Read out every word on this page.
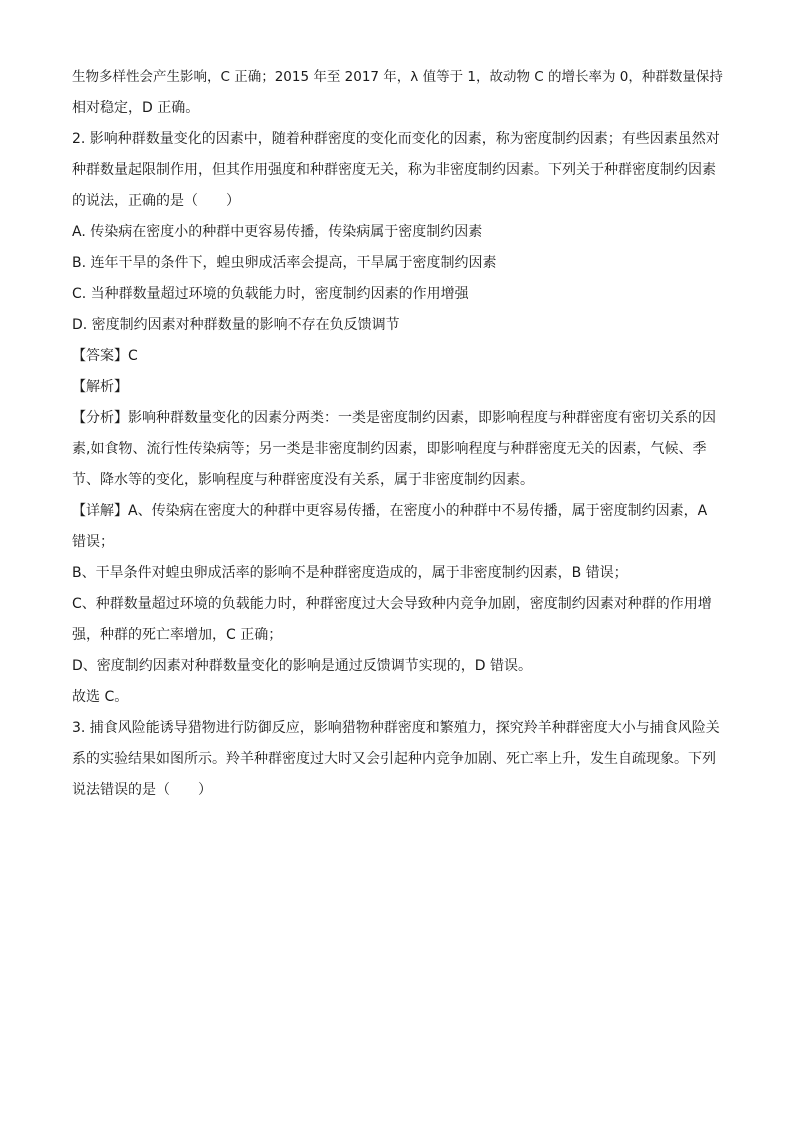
生物多样性会产生影响，C 正确；2015 年至 2017 年，λ 值等于 1，故动物 C 的增长率为 0，种群数量保持
相对稳定，D 正确。
2. 影响种群数量变化的因素中，随着种群密度的变化而变化的因素，称为密度制约因素；有些因素虽然对
种群数量起限制作用，但其作用强度和种群密度无关，称为非密度制约因素。下列关于种群密度制约因素
的说法，正确的是（　　）
A. 传染病在密度小的种群中更容易传播，传染病属于密度制约因素
B. 连年干旱的条件下，蝗虫卵成活率会提高，干旱属于密度制约因素
C. 当种群数量超过环境的负载能力时，密度制约因素的作用增强
D. 密度制约因素对种群数量的影响不存在负反馈调节
【答案】C
【解析】
【分析】影响种群数量变化的因素分两类：一类是密度制约因素，即影响程度与种群密度有密切关系的因
素,如食物、流行性传染病等；另一类是非密度制约因素，即影响程度与种群密度无关的因素，气候、季
节、降水等的变化，影响程度与种群密度没有关系，属于非密度制约因素。
【详解】A、传染病在密度大的种群中更容易传播，在密度小的种群中不易传播，属于密度制约因素，A
错误；
B、干旱条件对蝗虫卵成活率的影响不是种群密度造成的，属于非密度制约因素，B 错误；
C、种群数量超过环境的负载能力时，种群密度过大会导致种内竞争加剧，密度制约因素对种群的作用增
强，种群的死亡率增加，C 正确；
D、密度制约因素对种群数量变化的影响是通过反馈调节实现的，D 错误。
故选 C。
3. 捕食风险能诱导猎物进行防御反应，影响猎物种群密度和繁殖力，探究羚羊种群密度大小与捕食风险关
系的实验结果如图所示。羚羊种群密度过大时又会引起种内竞争加剧、死亡率上升，发生自疏现象。下列
说法错误的是（　　）
